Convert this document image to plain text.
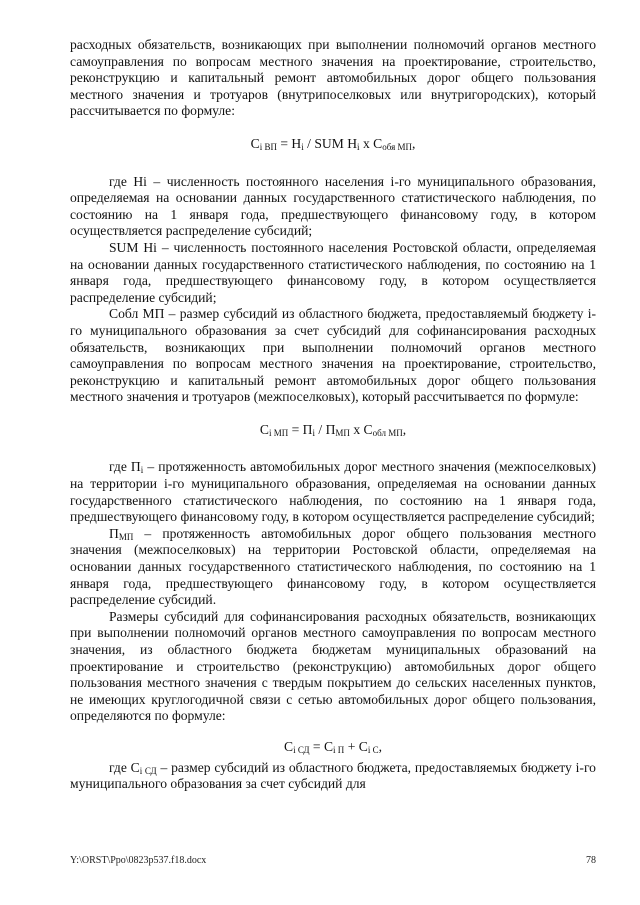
расходных обязательств, возникающих при выполнении полномочий органов местного самоуправления по вопросам местного значения на проектирование, строительство, реконструкцию и капитальный ремонт автомобильных дорог общего пользования местного значения и тротуаров (внутрипоселковых или внутригородских), который рассчитывается по формуле:

$C_{i ВП} = H_i$ / SUM $H_i$ х $C_{обя МП}$,

где Hi – численность постоянного населения i-го муниципального образования, определяемая на основании данных государственного статистического наблюдения, по состоянию на 1 января года, предшествующего финансовому году, в котором осуществляется распределение субсидий;

SUM Hi – численность постоянного населения Ростовской области, определяемая на основании данных государственного статистического наблюдения, по состоянию на 1 января года, предшествующего финансовому году, в котором осуществляется распределение субсидий;

Собл МП – размер субсидий из областного бюджета, предоставляемый бюджету i-го муниципального образования за счет субсидий для софинансирования расходных обязательств, возникающих при выполнении полномочий органов местного самоуправления по вопросам местного значения на проектирование, строительство, реконструкцию и капитальный ремонт автомобильных дорог общего пользования местного значения и тротуаров (межпоселковых), который рассчитывается по формуле:

$C_{i МП} = П_i / П_{МП}$ х $C_{обл МП}$,

где $П_i$ – протяженность автомобильных дорог местного значения (межпоселковых) на территории i-го муниципального образования, определяемая на основании данных государственного статистического наблюдения, по состоянию на 1 января года, предшествующего финансовому году, в котором осуществляется распределение субсидий;

$П_{МП}$ – протяженность автомобильных дорог общего пользования местного значения (межпоселковых) на территории Ростовской области, определяемая на основании данных государственного статистического наблюдения, по состоянию на 1 января года, предшествующего финансовому году, в котором осуществляется распределение субсидий.

Размеры субсидий для софинансирования расходных обязательств, возникающих при выполнении полномочий органов местного самоуправления по вопросам местного значения, из областного бюджета бюджетам муниципальных образований на проектирование и строительство (реконструкцию) автомобильных дорог общего пользования местного значения с твердым покрытием до сельских населенных пунктов, не имеющих круглогодичной связи с сетью автомобильных дорог общего пользования, определяются по формуле:

$C_{i СД} = C_{i П} + C_{i С}$,

где $C_{i СД}$ – размер субсидий из областного бюджета, предоставляемых бюджету i-го муниципального образования за счет субсидий для

Y:\ORST\Ppo\0823p537.f18.docx	78
